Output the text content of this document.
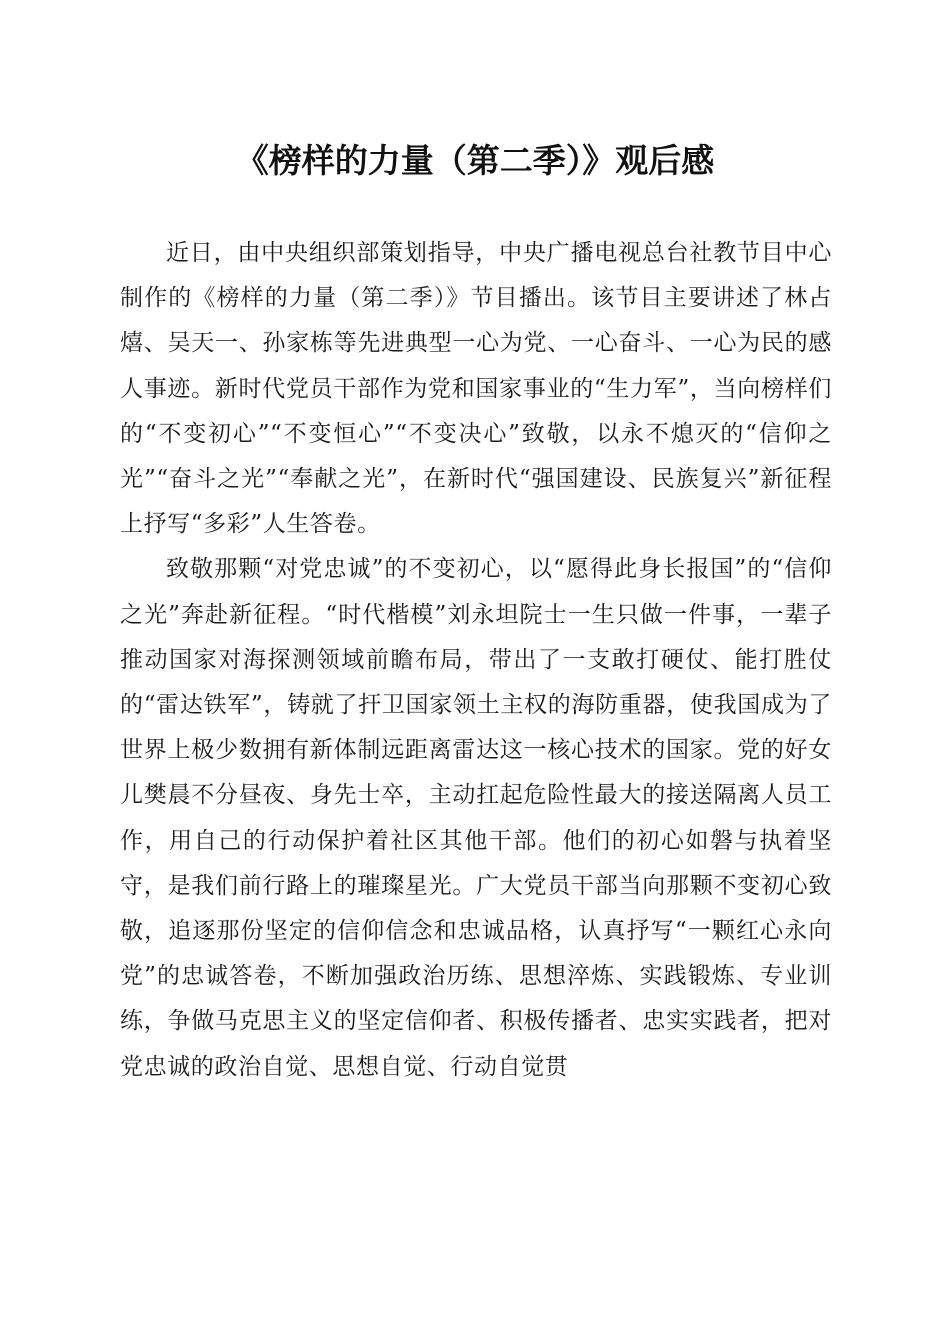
《榜样的力量（第二季）》观后感

近日，由中央组织部策划指导，中央广播电视总台社教节目中心制作的《榜样的力量（第二季）》节目播出。该节目主要讲述了林占熺、吴天一、孙家栋等先进典型一心为党、一心奋斗、一心为民的感人事迹。新时代党员干部作为党和国家事业的“生力军”，当向榜样们的“不变初心”“不变恒心”“不变决心”致敬，以永不熄灭的“信仰之光”“奋斗之光”“奉献之光”，在新时代“强国建设、民族复兴”新征程上抒写“多彩”人生答卷。

致敬那颗“对党忠诚”的不变初心，以“愿得此身长报国”的“信仰之光”奔赴新征程。“时代楷模”刘永坦院士一生只做一件事，一辈子推动国家对海探测领域前瞻布局，带出了一支敢打硬仗、能打胜仗的“雷达铁军”，铸就了扞卫国家领土主权的海防重器，使我国成为了世界上极少数拥有新体制远距离雷达这一核心技术的国家。党的好女儿樊晨不分昼夜、身先士卒，主动扛起危险性最大的接送隔离人员工作，用自己的行动保护着社区其他干部。他们的初心如磐与执着坚守，是我们前行路上的璀璨星光。广大党员干部当向那颗不变初心致敬，追逐那份坚定的信仰信念和忠诚品格，认真抒写“一颗红心永向党”的忠诚答卷，不断加强政治历练、思想淬炼、实践锻炼、专业训练，争做马克思主义的坚定信仰者、积极传播者、忠实实践者，把对党忠诚的政治自觉、思想自觉、行动自觉贯
